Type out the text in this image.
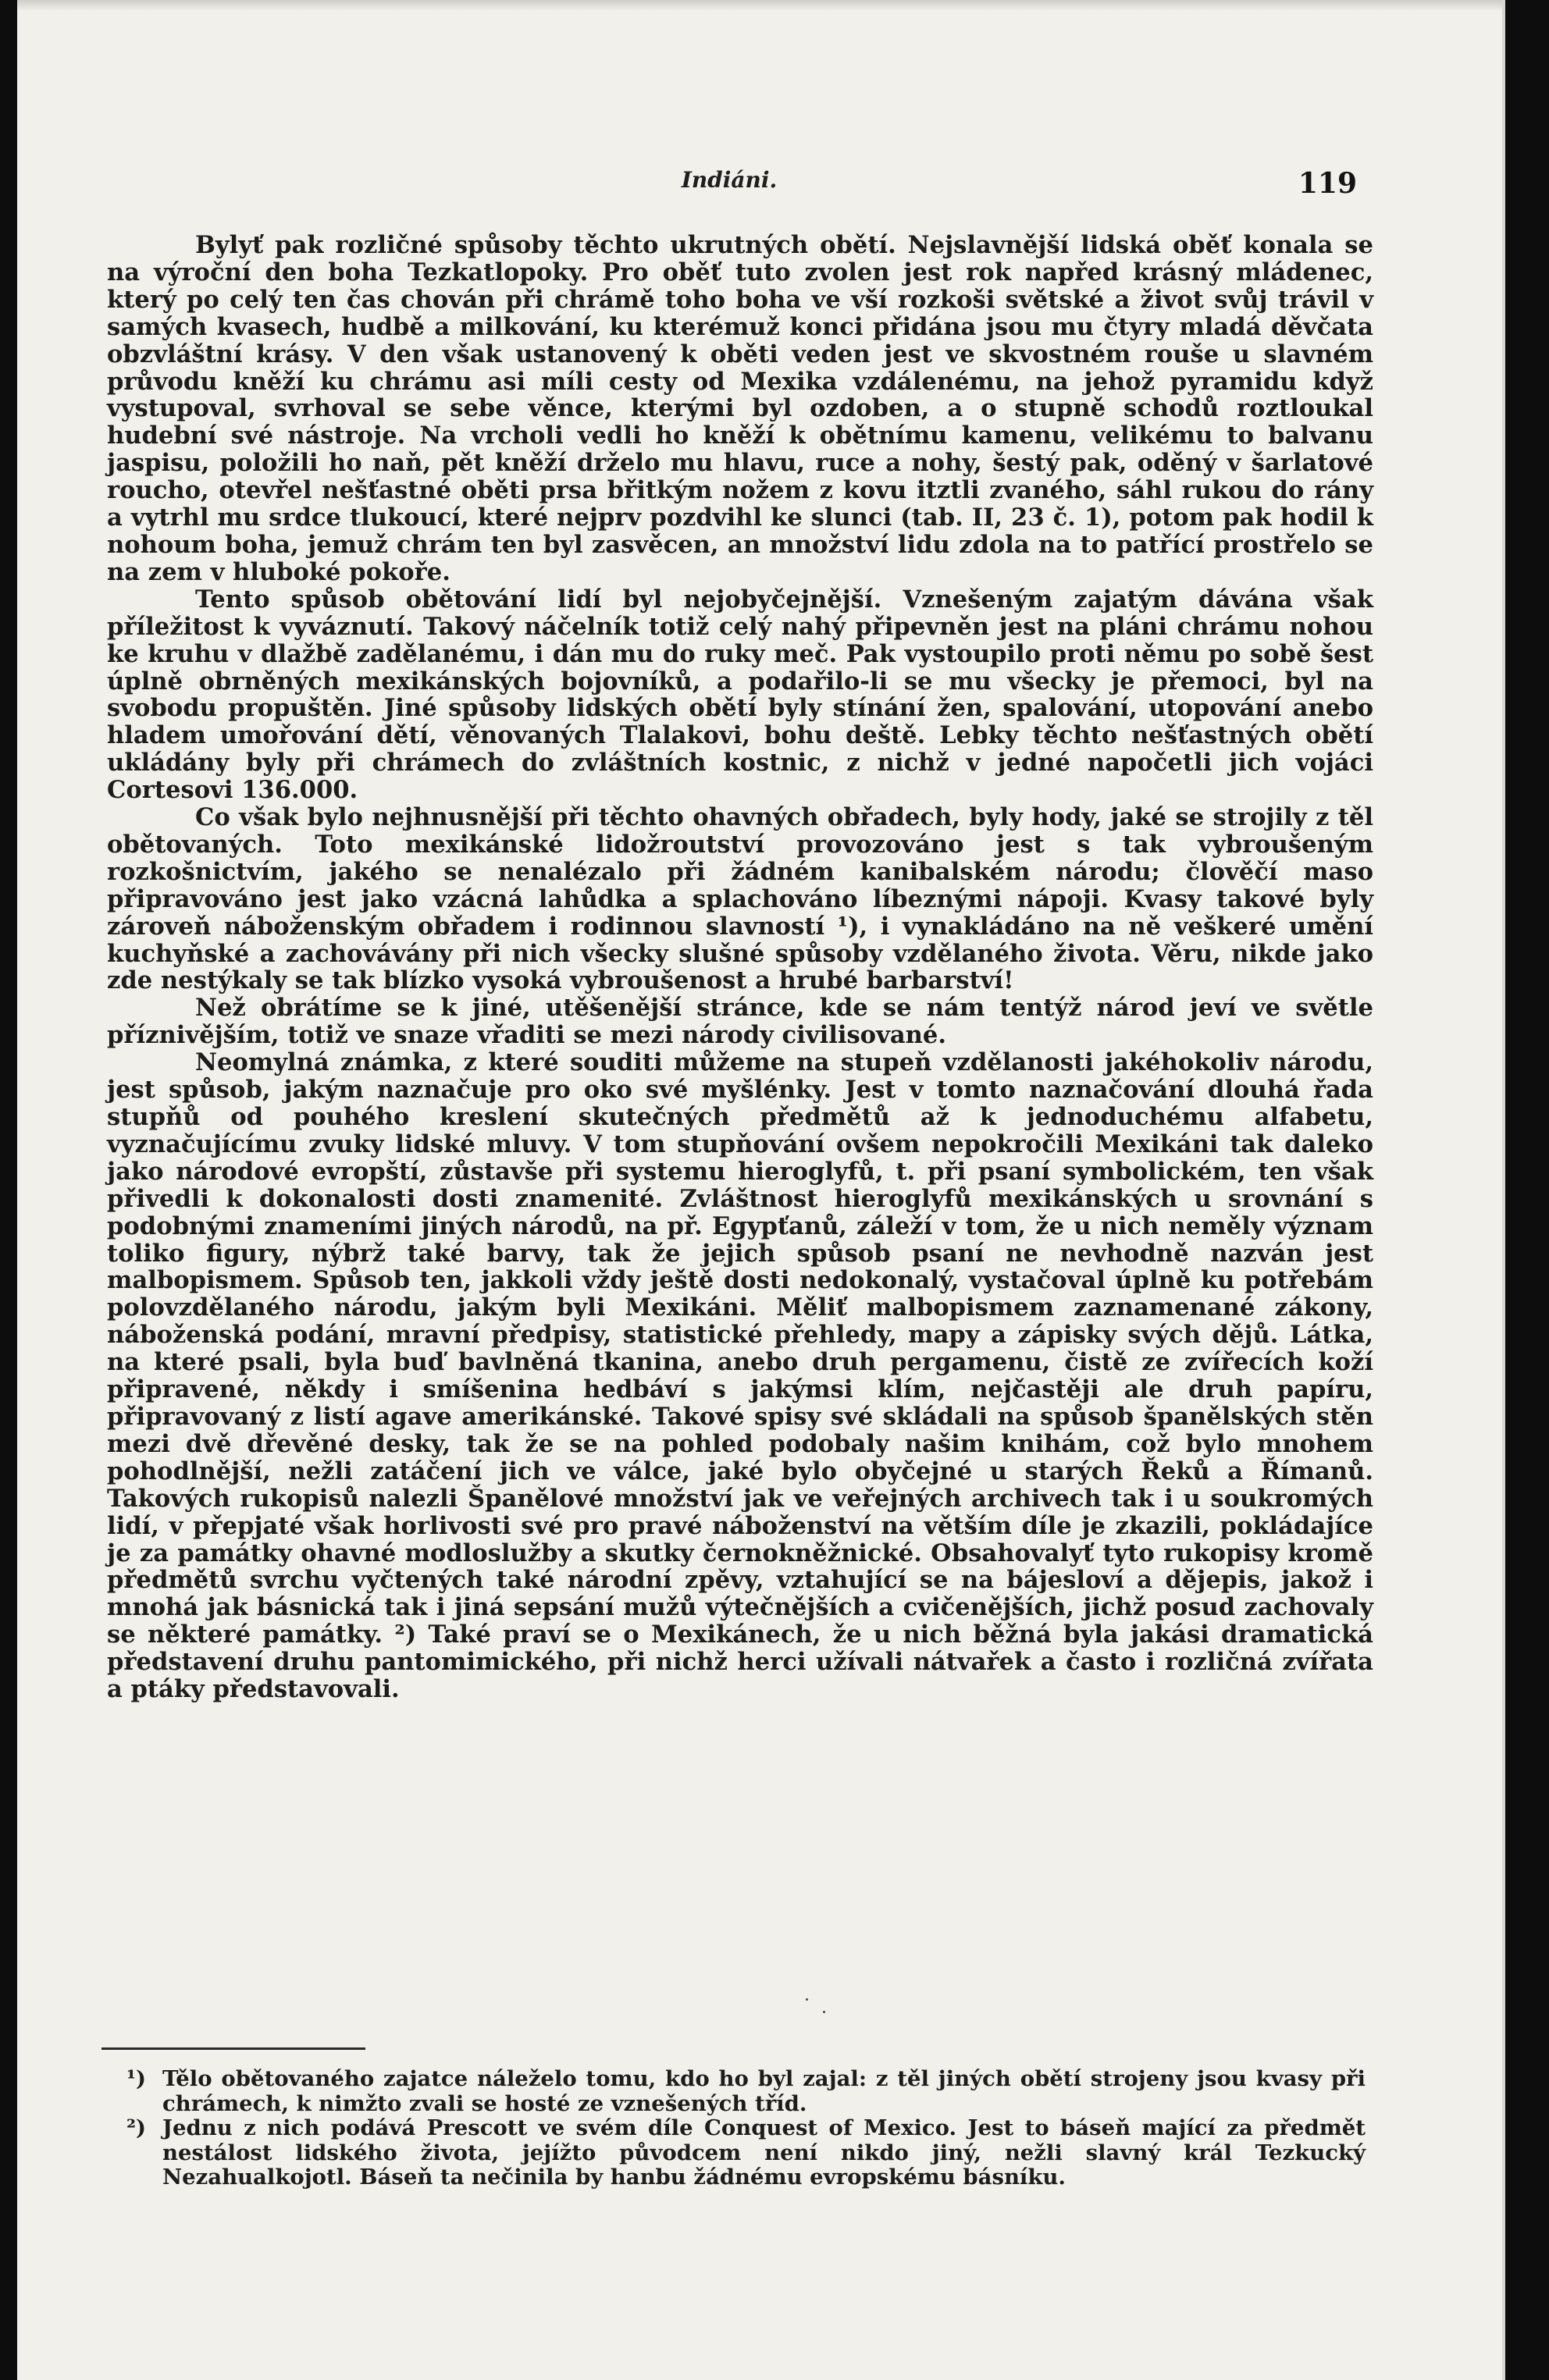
Indiáni.	119

Bylyť pak rozličné spůsoby těchto ukrutných obětí. Nejslavnější lidská oběť konala se na výroční den boha Tezkatlopoky. Pro oběť tuto zvolen jest rok napřed krásný mládenec, který po celý ten čas chován při chrámě toho boha ve vší rozkoši světské a život svůj trávil v samých kvasech, hudbě a milkování, ku kterémuž konci přidána jsou mu čtyry mladá děvčata obzvláštní krásy. V den však ustanovený k oběti veden jest ve skvostném rouše u slavném průvodu kněží ku chrámu asi míli cesty od Mexika vzdálenému, na jehož pyramidu když vystupoval, svrhoval se sebe věnce, kterými byl ozdoben, a o stupně schodů roztloukal hudební své nástroje. Na vrcholi vedli ho kněží k obětnímu kamenu, velikému to balvanu jaspisu, položili ho naň, pět kněží drželo mu hlavu, ruce a nohy, šestý pak, oděný v šarlatové roucho, otevřel nešťastné oběti prsa břitkým nožem z kovu itztli zvaného, sáhl rukou do rány a vytrhl mu srdce tlukoucí, které nejprv pozdvihl ke slunci (tab. II, 23 č. 1), potom pak hodil k nohoum boha, jemuž chrám ten byl zasvěcen, an množství lidu zdola na to patřící prostřelo se na zem v hluboké pokoře.

Tento spůsob obětování lidí byl nejobyčejnější. Vznešeným zajatým dávána však příležitost k vyváznutí. Takový náčelník totiž celý nahý připevněn jest na pláni chrámu nohou ke kruhu v dlažbě zadělanému, i dán mu do ruky meč. Pak vystoupilo proti němu po sobě šest úplně obrněných mexikánských bojovníků, a podařilo-li se mu všecky je přemoci, byl na svobodu propuštěn. Jiné spůsoby lidských obětí byly stínání žen, spalování, utopování anebo hladem umořování dětí, věnovaných Tlalakovi, bohu deště. Lebky těchto nešťastných obětí ukládány byly při chrámech do zvláštních kostnic, z nichž v jedné napočetli jich vojáci Cortesovi 136.000.

Co však bylo nejhnusnější při těchto ohavných obřadech, byly hody, jaké se strojily z těl obětovaných. Toto mexikánské lidožroutství provozováno jest s tak vybroušeným rozkošnictvím, jakého se nenalézalo při žádném kanibalském národu; člověčí maso připravováno jest jako vzácná lahůdka a splachováno líbeznými nápoji. Kvasy takové byly zároveň náboženským obřadem i rodinnou slavností ¹), i vynakládáno na ně veškeré umění kuchyňské a zachovávány při nich všecky slušné spůsoby vzdělaného života. Věru, nikde jako zde nestýkaly se tak blízko vysoká vybroušenost a hrubé barbarství!

Než obrátíme se k jiné, utěšenější stránce, kde se nám tentýž národ jeví ve světle příznivějším, totiž ve snaze vřaditi se mezi národy civilisované.

Neomylná známka, z které souditi můžeme na stupeň vzdělanosti jakéhokoliv národu, jest spůsob, jakým naznačuje pro oko své myšlénky. Jest v tomto naznačování dlouhá řada stupňů od pouhého kreslení skutečných předmětů až k jednoduchému alfabetu, vyznačujícímu zvuky lidské mluvy. V tom stupňování ovšem nepokročili Mexikáni tak daleko jako národové evropští, zůstavše při systemu hieroglyfů, t. při psaní symbolickém, ten však přivedli k dokonalosti dosti znamenité. Zvláštnost hieroglyfů mexikánských u srovnání s podobnými znameními jiných národů, na př. Egypťanů, záleží v tom, že u nich neměly význam toliko figury, nýbrž také barvy, tak že jejich spůsob psaní ne nevhodně nazván jest malbopismem. Spůsob ten, jakkoli vždy ještě dosti nedokonalý, vystačoval úplně ku potřebám polovzdělaného národu, jakým byli Mexikáni. Měliť malbopismem zaznamenané zákony, náboženská podání, mravní předpisy, statistické přehledy, mapy a zápisky svých dějů. Látka, na které psali, byla buď bavlněná tkanina, anebo druh pergamenu, čistě ze zvířecích koží připravené, někdy i smíšenina hedbáví s jakýmsi klím, nejčastěji ale druh papíru, připravovaný z listí agave amerikánské. Takové spisy své skládali na spůsob španělských stěn mezi dvě dřevěné desky, tak že se na pohled podobaly našim knihám, což bylo mnohem pohodlnější, nežli zatáčení jich ve válce, jaké bylo obyčejné u starých Řeků a Římanů. Takových rukopisů nalezli Španělové množství jak ve veřejných archivech tak i u soukromých lidí, v přepjaté však horlivosti své pro pravé náboženství na větším díle je zkazili, pokládajíce je za památky ohavné modloslužby a skutky černokněžnické. Obsahovalyť tyto rukopisy kromě předmětů svrchu vyčtených také národní zpěvy, vztahující se na bájesloví a dějepis, jakož i mnohá jak básnická tak i jiná sepsání mužů výtečnějších a cvičenějších, jichž posud zachovaly se některé památky. ²) Také praví se o Mexikánech, že u nich běžná byla jakási dramatická představení druhu pantomimického, při nichž herci užívali nátvařek a často i rozličná zvířata a ptáky představovali.

¹) Tělo obětovaného zajatce náleželo tomu, kdo ho byl zajal: z těl jiných obětí strojeny jsou kvasy při chrámech, k nimžto zvali se hosté ze vznešených tříd.
²) Jednu z nich podává Prescott ve svém díle Conquest of Mexico. Jest to báseň mající za předmět nestálost lidského života, jejížto původcem není nikdo jiný, nežli slavný král Tezkucký Nezahualkojotl. Báseň ta nečinila by hanbu žádnému evropskému básníku.
